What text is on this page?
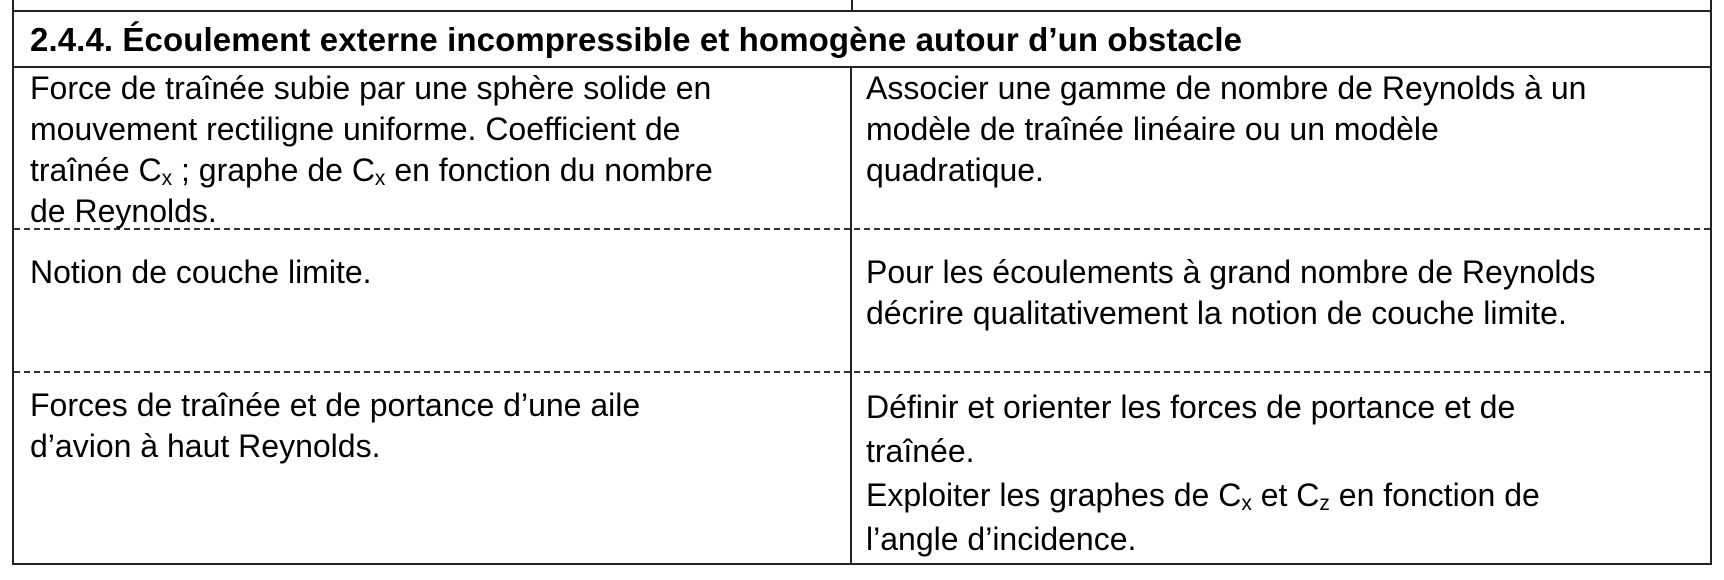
2.4.4. Écoulement externe incompressible et homogène autour d’un obstacle
Force de traînée subie par une sphère solide en
mouvement rectiligne uniforme. Coefficient de
traînée $C_x$ ; graphe de $C_x$ en fonction du nombre
de Reynolds.
Associer une gamme de nombre de Reynolds à un
modèle de traînée linéaire ou un modèle
quadratique.
Notion de couche limite.	Pour les écoulements à grand nombre de Reynolds
décrire qualitativement la notion de couche limite.
Forces de traînée et de portance d’une aile
d’avion à haut Reynolds.
Définir et orienter les forces de portance et de
traînée.
Exploiter les graphes de $C_x$ et $C_z$ en fonction de
l’angle d’incidence.
